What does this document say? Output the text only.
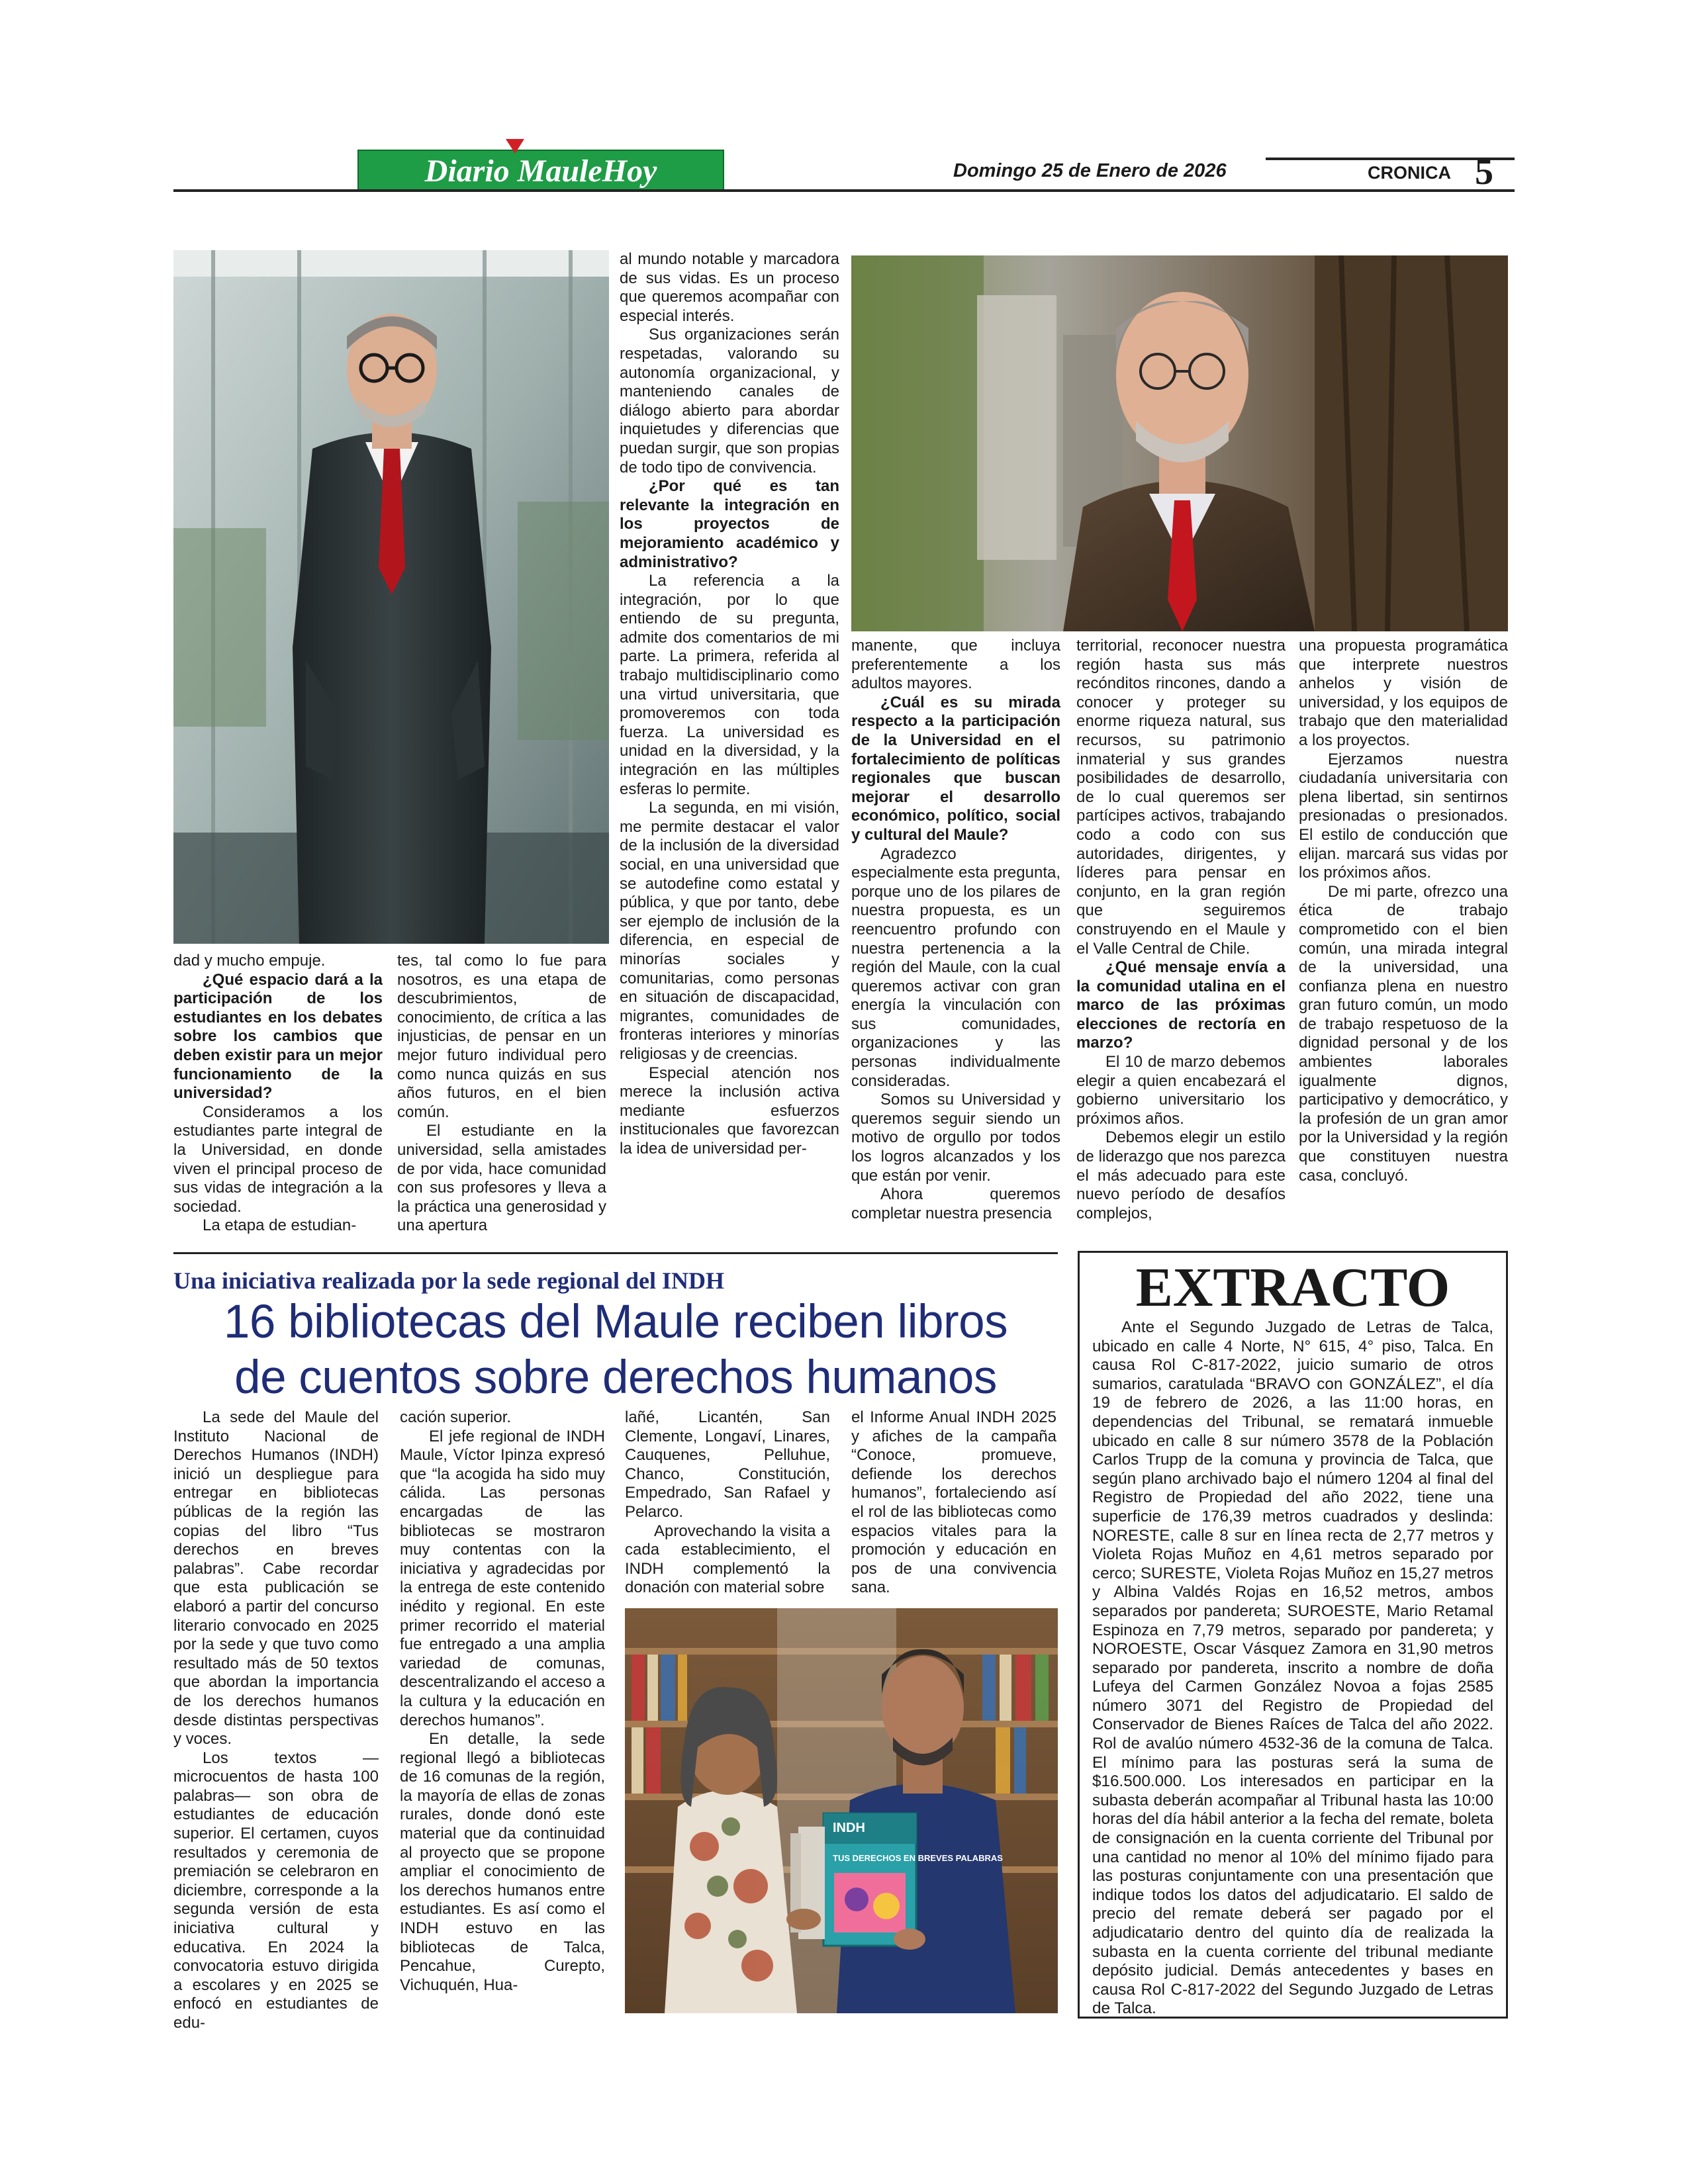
Diario MauleHoy	Domingo 25 de Enero de 2026	CRONICA 5

al mundo notable y marcadora de sus vidas. Es un proceso que queremos acompañar con especial interés.

Sus organizaciones serán respetadas, valorando su autonomía organizacional, y manteniendo canales de diálogo abierto para abordar inquietudes y diferencias que puedan surgir, que son propias de todo tipo de convivencia.

¿Por qué es tan relevante la integración en los proyectos de mejoramiento académico y administrativo?

La referencia a la integración, por lo que entiendo de su pregunta, admite dos comentarios de mi parte. La primera, referida al trabajo multidisciplinario como una virtud universitaria, que promoveremos con toda fuerza. La universidad es unidad en la diversidad, y la integración en las múltiples esferas lo permite.

La segunda, en mi visión, me permite destacar el valor de la inclusión de la diversidad social, en una universidad que se autodefine como estatal y pública, y que por tanto, debe ser ejemplo de inclusión de la diferencia, en especial de minorías sociales y comunitarias, como personas en situación de discapacidad, migrantes, comunidades de fronteras interiores y minorías religiosas y de creencias.

Especial atención nos merece la inclusión activa mediante esfuerzos institucionales que favorezcan la idea de universidad per-

dad y mucho empuje.

¿Qué espacio dará a la participación de los estudiantes en los debates sobre los cambios que deben existir para un mejor funcionamiento de la universidad?

Consideramos a los estudiantes parte integral de la Universidad, en donde viven el principal proceso de sus vidas de integración a la sociedad.

La etapa de estudian-

tes, tal como lo fue para nosotros, es una etapa de descubrimientos, de conocimiento, de crítica a las injusticias, de pensar en un mejor futuro individual pero como nunca quizás en sus años futuros, en el bien común.

El estudiante en la universidad, sella amistades de por vida, hace comunidad con sus profesores y lleva a la práctica una generosidad y una apertura

manente, que incluya preferentemente a los adultos mayores.

¿Cuál es su mirada respecto a la participación de la Universidad en el fortalecimiento de políticas regionales que buscan mejorar el desarrollo económico, político, social y cultural del Maule?

Agradezco especialmente esta pregunta, porque uno de los pilares de nuestra propuesta, es un reencuentro profundo con nuestra pertenencia a la región del Maule, con la cual queremos activar con gran energía la vinculación con sus comunidades, organizaciones y las personas individualmente consideradas.

Somos su Universidad y queremos seguir siendo un motivo de orgullo por todos los logros alcanzados y los que están por venir.

Ahora queremos completar nuestra presencia

territorial, reconocer nuestra región hasta sus más recónditos rincones, dando a conocer y proteger su enorme riqueza natural, sus recursos, su patrimonio inmaterial y sus grandes posibilidades de desarrollo, de lo cual queremos ser partícipes activos, trabajando codo a codo con sus autoridades, dirigentes, y líderes para pensar en conjunto, en la gran región que seguiremos construyendo en el Maule y el Valle Central de Chile.

¿Qué mensaje envía a la comunidad utalina en el marco de las próximas elecciones de rectoría en marzo?

El 10 de marzo debemos elegir a quien encabezará el gobierno universitario los próximos años.

Debemos elegir un estilo de liderazgo que nos parezca el más adecuado para este nuevo período de desafíos complejos,

una propuesta programática que interprete nuestros anhelos y visión de universidad, y los equipos de trabajo que den materialidad a los proyectos.

Ejerzamos nuestra ciudadanía universitaria con plena libertad, sin sentirnos presionadas o presionados. El estilo de conducción que elijan. marcará sus vidas por los próximos años.

De mi parte, ofrezco una ética de trabajo comprometido con el bien común, una mirada integral de la universidad, una confianza plena en nuestro gran futuro común, un modo de trabajo respetuoso de la dignidad personal y de los ambientes laborales igualmente dignos, participativo y democrático, y la profesión de un gran amor por la Universidad y la región que constituyen nuestra casa, concluyó.

Una iniciativa realizada por la sede regional del INDH
16 bibliotecas del Maule reciben libros
de cuentos sobre derechos humanos

La sede del Maule del Instituto Nacional de Derechos Humanos (INDH) inició un despliegue para entregar en bibliotecas públicas de la región las copias del libro “Tus derechos en breves palabras”. Cabe recordar que esta publicación se elaboró a partir del concurso literario convocado en 2025 por la sede y que tuvo como resultado más de 50 textos que abordan la importancia de los derechos humanos desde distintas perspectivas y voces.

Los textos —microcuentos de hasta 100 palabras— son obra de estudiantes de educación superior. El certamen, cuyos resultados y ceremonia de premiación se celebraron en diciembre, corresponde a la segunda versión de esta iniciativa cultural y educativa. En 2024 la convocatoria estuvo dirigida a escolares y en 2025 se enfocó en estudiantes de edu-

cación superior.

El jefe regional de INDH Maule, Víctor Ipinza expresó que “la acogida ha sido muy cálida. Las personas encargadas de las bibliotecas se mostraron muy contentas con la iniciativa y agradecidas por la entrega de este contenido inédito y regional. En este primer recorrido el material fue entregado a una amplia variedad de comunas, descentralizando el acceso a la cultura y la educación en derechos humanos”.

En detalle, la sede regional llegó a bibliotecas de 16 comunas de la región, la mayoría de ellas de zonas rurales, donde donó este material que da continuidad al proyecto que se propone ampliar el conocimiento de los derechos humanos entre estudiantes. Es así como el INDH estuvo en las bibliotecas de Talca, Pencahue, Curepto, Vichuquén, Hua-

lañé, Licantén, San Clemente, Longaví, Linares, Cauquenes, Pelluhue, Chanco, Constitución, Empedrado, San Rafael y Pelarco.

Aprovechando la visita a cada establecimiento, el INDH complementó la donación con material sobre

el Informe Anual INDH 2025 y afiches de la campaña “Conoce, promueve, defiende los derechos humanos”, fortaleciendo así el rol de las bibliotecas como espacios vitales para la promoción y educación en pos de una convivencia sana.

INDH
TUS DERECHOS EN BREVES PALABRAS
EXTRACTO

Ante el Segundo Juzgado de Letras de Talca, ubicado en calle 4 Norte, N° 615, 4° piso, Talca. En causa Rol C-817-2022, juicio sumario de otros sumarios, caratulada “BRAVO con GONZÁLEZ”, el día 19 de febrero de 2026, a las 11:00 horas, en dependencias del Tribunal, se rematará inmueble ubicado en calle 8 sur número 3578 de la Población Carlos Trupp de la comuna y provincia de Talca, que según plano archivado bajo el número 1204 al final del Registro de Propiedad del año 2022, tiene una superficie de 176,39 metros cuadrados y deslinda: NORESTE, calle 8 sur en línea recta de 2,77 metros y Violeta Rojas Muñoz en 4,61 metros separado por cerco; SURESTE, Violeta Rojas Muñoz en 15,27 metros y Albina Valdés Rojas en 16,52 metros, ambos separados por pandereta; SUROESTE, Mario Retamal Espinoza en 7,79 metros, separado por pandereta; y NOROESTE, Oscar Vásquez Zamora en 31,90 metros separado por pandereta, inscrito a nombre de doña Lufeya del Carmen González Novoa a fojas 2585 número 3071 del Registro de Propiedad del Conservador de Bienes Raíces de Talca del año 2022. Rol de avalúo número 4532-36 de la comuna de Talca. El mínimo para las posturas será la suma de $16.500.000. Los interesados en participar en la subasta deberán acompañar al Tribunal hasta las 10:00 horas del día hábil anterior a la fecha del remate, boleta de consignación en la cuenta corriente del Tribunal por una cantidad no menor al 10% del mínimo fijado para las posturas conjuntamente con una presentación que indique todos los datos del adjudicatario. El saldo de precio del remate deberá ser pagado por el adjudicatario dentro del quinto día de realizada la subasta en la cuenta corriente del tribunal mediante depósito judicial. Demás antecedentes y bases en causa Rol C-817-2022 del Segundo Juzgado de Letras de Talca.
